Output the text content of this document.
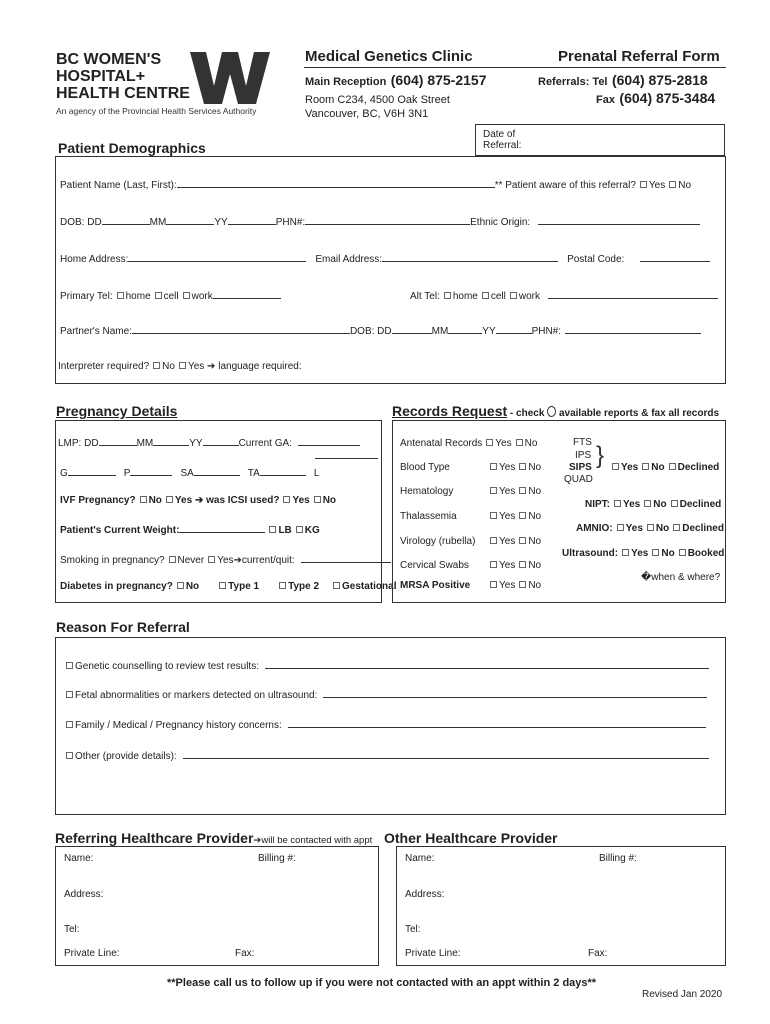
BC WOMEN'S
HOSPITAL+
HEALTH CENTRE
An agency of the Provincial Health Services Authority
Medical Genetics Clinic	Prenatal Referral Form
Main Reception (604) 875-2157
Room C234, 4500 Oak Street
Vancouver, BC, V6H 3N1
Referrals: Tel (604) 875-2818
Fax (604) 875-3484
Date of
Referral:
Patient Demographics
Patient Name (Last, First):	** Patient aware of this referral? Yes No
DOB: DD	MM	YY	PHN#:	Ethnic Origin:
Home Address:	Email Address:	Postal Code:
Primary Tel: home cell work	Alt Tel: home cell work
Partner's Name:	DOB: DD	MM	YY	PHN#:
Interpreter required? No Yes ➔ language required:
Pregnancy Details
LMP: DD	MM	YY	Current GA:
G	P	SA	TA	L
IVF Pregnancy? No Yes ➔ was ICSI used? Yes No
Patient's Current Weight:	LB KG
Smoking in pregnancy? Never Yes➔current/quit:
Diabetes in pregnancy? No	Type 1	Type 2 Gestational
Records Request - check  available reports & fax all records
Antenatal Records Yes No
Blood Type	Yes No
Hematology	Yes No
Thalassemia	Yes No
Virology (rubella)	Yes No
Cervical Swabs	Yes No
MRSA Positive	Yes No
FTS
IPS
SIPS
QUAD
}	Yes No Declined
NIPT: Yes No Declined
AMNIO: Yes No Declined
Ultrasound: Yes No Booked
�when & where?
Reason For Referral
Genetic counselling to review test results:
Fetal abnormalities or markers detected on ultrasound:
Family / Medical / Pregnancy history concerns:
Other (provide details):
Referring Healthcare Provider➔will be contacted with appt Other Healthcare Provider
Name:	Billing #:
Address:
Tel:
Private Line:	Fax:
Name:	Billing #:
Address:
Tel:
Private Line:	Fax:
**Please call us to follow up if you were not contacted with an appt within 2 days**
Revised Jan 2020
